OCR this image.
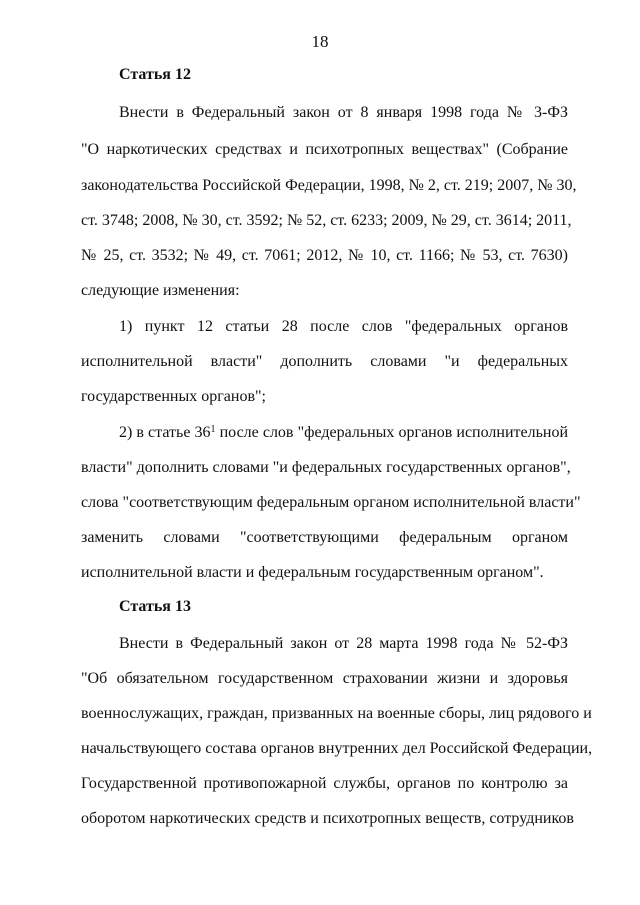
18
Статья 12
Внести в Федеральный закон от 8 января 1998 года № 3-ФЗ
"О наркотических средствах и психотропных веществах" (Собрание
законодательства Российской Федерации, 1998, № 2, ст. 219; 2007, № 30,
ст. 3748; 2008, № 30, ст. 3592; № 52, ст. 6233; 2009, № 29, ст. 3614; 2011,
№ 25, ст. 3532; № 49, ст. 7061; 2012, № 10, ст. 1166; № 53, ст. 7630)
следующие изменения:
1) пункт 12 статьи 28 после слов "федеральных органов
исполнительной власти" дополнить словами "и федеральных
государственных органов";
2) в статье $36^1$ после слов "федеральных органов исполнительной
власти" дополнить словами "и федеральных государственных органов",
слова "соответствующим федеральным органом исполнительной власти"
заменить словами "соответствующими федеральным органом
исполнительной власти и федеральным государственным органом".
Статья 13
Внести в Федеральный закон от 28 марта 1998 года № 52-ФЗ
"Об обязательном государственном страховании жизни и здоровья
военнослужащих, граждан, призванных на военные сборы, лиц рядового и
начальствующего состава органов внутренних дел Российской Федерации,
Государственной противопожарной службы, органов по контролю за
оборотом наркотических средств и психотропных веществ, сотрудников
